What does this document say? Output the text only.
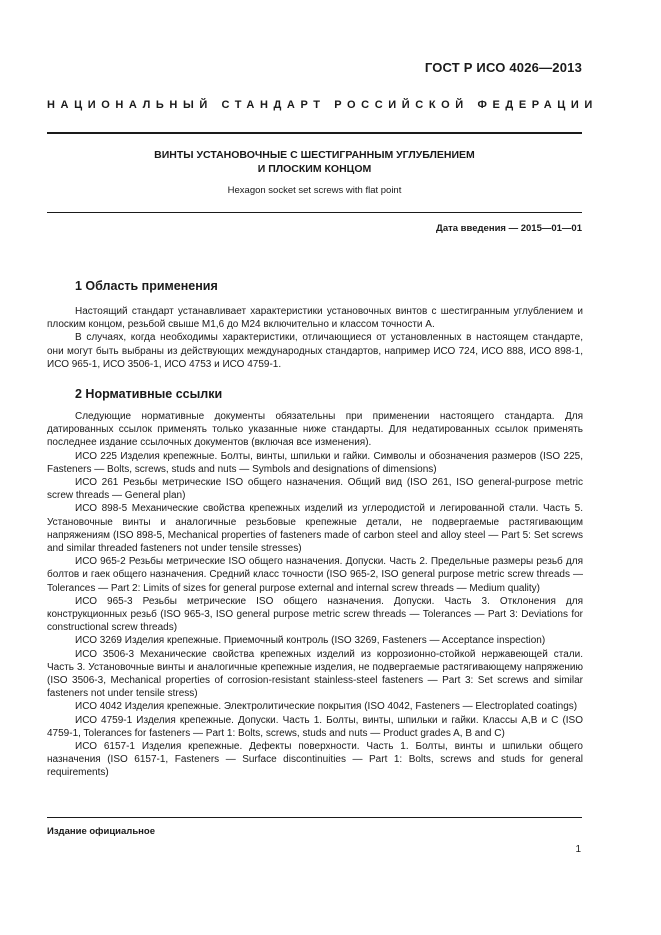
ГОСТ Р ИСО 4026—2013
НАЦИОНАЛЬНЫЙ СТАНДАРТ РОССИЙСКОЙ ФЕДЕРАЦИИ
ВИНТЫ УСТАНОВОЧНЫЕ С ШЕСТИГРАННЫМ УГЛУБЛЕНИЕМ
И ПЛОСКИМ КОНЦОМ
Hexagon socket set screws with flat point
Дата введения — 2015—01—01
1 Область применения

Настоящий стандарт устанавливает характеристики установочных винтов с шестигранным углублением и плоским концом, резьбой свыше М1,6 до М24 включительно и классом точности А.

В случаях, когда необходимы характеристики, отличающиеся от установленных в настоящем стандарте, они могут быть выбраны из действующих международных стандартов, например ИСО 724, ИСО 888, ИСО 898-1, ИСО 965-1, ИСО 3506-1, ИСО 4753 и ИСО 4759-1.

2 Нормативные ссылки

Следующие нормативные документы обязательны при применении настоящего стандарта. Для датированных ссылок применять только указанные ниже стандарты. Для недатированных ссылок применять последнее издание ссылочных документов (включая все изменения).

ИСО 225 Изделия крепежные. Болты, винты, шпильки и гайки. Символы и обозначения размеров (ISO 225, Fasteners — Bolts, screws, studs and nuts — Symbols and designations of dimensions)

ИСО 261 Резьбы метрические ISO общего назначения. Общий вид (ISO 261, ISO general-purpose metric screw threads — General plan)

ИСО 898-5 Механические свойства крепежных изделий из углеродистой и легированной стали. Часть 5. Установочные винты и аналогичные резьбовые крепежные детали, не подвергаемые растягивающим напряжениям (ISO 898-5, Mechanical properties of fasteners made of carbon steel and alloy steel — Part 5: Set screws and similar threaded fasteners not under tensile stresses)

ИСО 965-2 Резьбы метрические ISO общего назначения. Допуски. Часть 2. Предельные размеры резьб для болтов и гаек общего назначения. Средний класс точности (ISO 965-2, ISO general purpose metric screw threads — Tolerances — Part 2: Limits of sizes for general purpose external and internal screw threads — Medium quality)

ИСО 965-3 Резьбы метрические ISO общего назначения. Допуски. Часть 3. Отклонения для конструкционных резьб (ISO 965-3, ISO general purpose metric screw threads — Tolerances — Part 3: Deviations for constructional screw threads)

ИСО 3269 Изделия крепежные. Приемочный контроль (ISO 3269, Fasteners — Acceptance inspection)

ИСО 3506-3 Механические свойства крепежных изделий из коррозионно-стойкой нержавеющей стали. Часть 3. Установочные винты и аналогичные крепежные изделия, не подвергаемые растягивающему напряжению (ISO 3506-3, Mechanical properties of corrosion-resistant stainless-steel fasteners — Part 3: Set screws and similar fasteners not under tensile stress)

ИСО 4042 Изделия крепежные. Электролитические покрытия (ISO 4042, Fasteners — Electroplated coatings)

ИСО 4759-1 Изделия крепежные. Допуски. Часть 1. Болты, винты, шпильки и гайки. Классы А,В и С (ISO 4759-1, Tolerances for fasteners — Part 1: Bolts, screws, studs and nuts — Product grades A, B and C)

ИСО 6157-1 Изделия крепежные. Дефекты поверхности. Часть 1. Болты, винты и шпильки общего назначения (ISO 6157-1, Fasteners — Surface discontinuities — Part 1: Bolts, screws and studs for general requirements)

Издание официальное
1
